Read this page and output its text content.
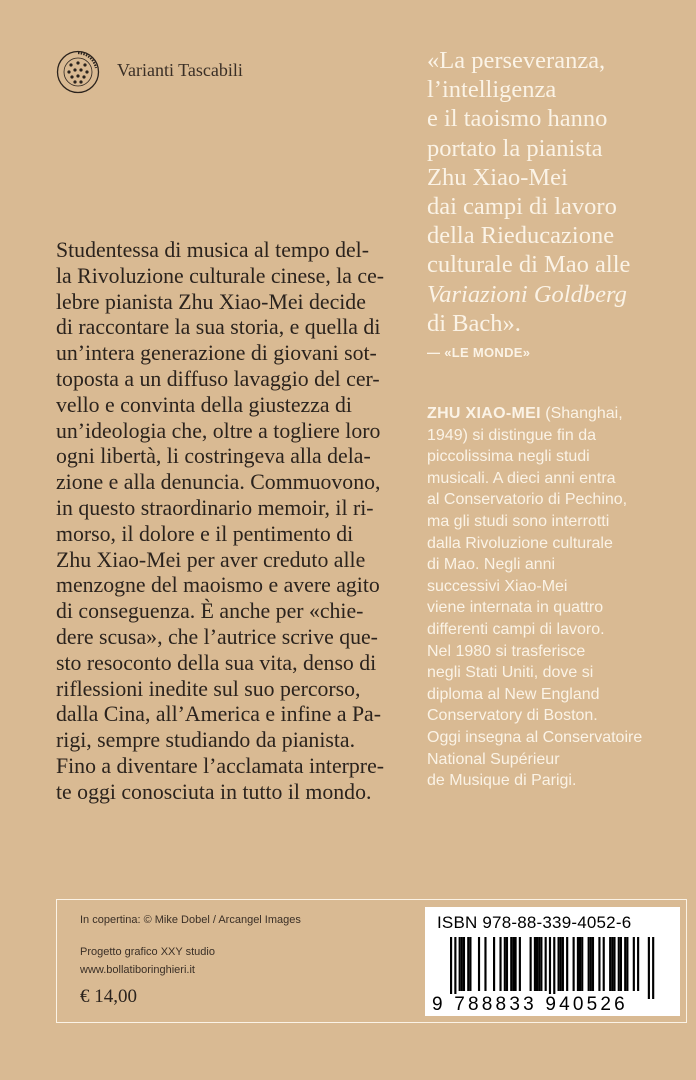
Varianti Tascabili	«La perseveranza,
l’intelligenza
e il taoismo hanno
portato la pianista
Zhu Xiao-Mei
dai campi di lavoro
della Rieducazione
culturale di Mao alle
Variazioni Goldberg
di Bach».
— «LE MONDE»
Studentessa di musica al tempo del-
la Rivoluzione culturale cinese, la ce-
lebre pianista Zhu Xiao-Mei decide
di raccontare la sua storia, e quella di
un’intera generazione di giovani sot-
toposta a un diffuso lavaggio del cer-
vello e convinta della giustezza di
un’ideologia che, oltre a togliere loro
ogni libertà, li costringeva alla dela-
zione e alla denuncia. Commuovono,
in questo straordinario memoir, il ri-
morso, il dolore e il pentimento di
Zhu Xiao-Mei per aver creduto alle
menzogne del maoismo e avere agito
di conseguenza. È anche per «chie-
dere scusa», che l’autrice scrive que-
sto resoconto della sua vita, denso di
riflessioni inedite sul suo percorso,
dalla Cina, all’America e infine a Pa-
rigi, sempre studiando da pianista.
Fino a diventare l’acclamata interpre-
te oggi conosciuta in tutto il mondo.
ZHU XIAO-MEI (Shanghai,
1949) si distingue fin da
piccolissima negli studi
musicali. A dieci anni entra
al Conservatorio di Pechino,
ma gli studi sono interrotti
dalla Rivoluzione culturale
di Mao. Negli anni
successivi Xiao-Mei
viene internata in quattro
differenti campi di lavoro.
Nel 1980 si trasferisce
negli Stati Uniti, dove si
diploma al New England
Conservatory di Boston.
Oggi insegna al Conservatoire
National Supérieur
de Musique di Parigi.
In copertina: © Mike Dobel / Arcangel Images
Progetto grafico XXY studio
www.bollatiboringhieri.it
€ 14,00
ISBN 978-88-339-4052-6
9 788833 940526
